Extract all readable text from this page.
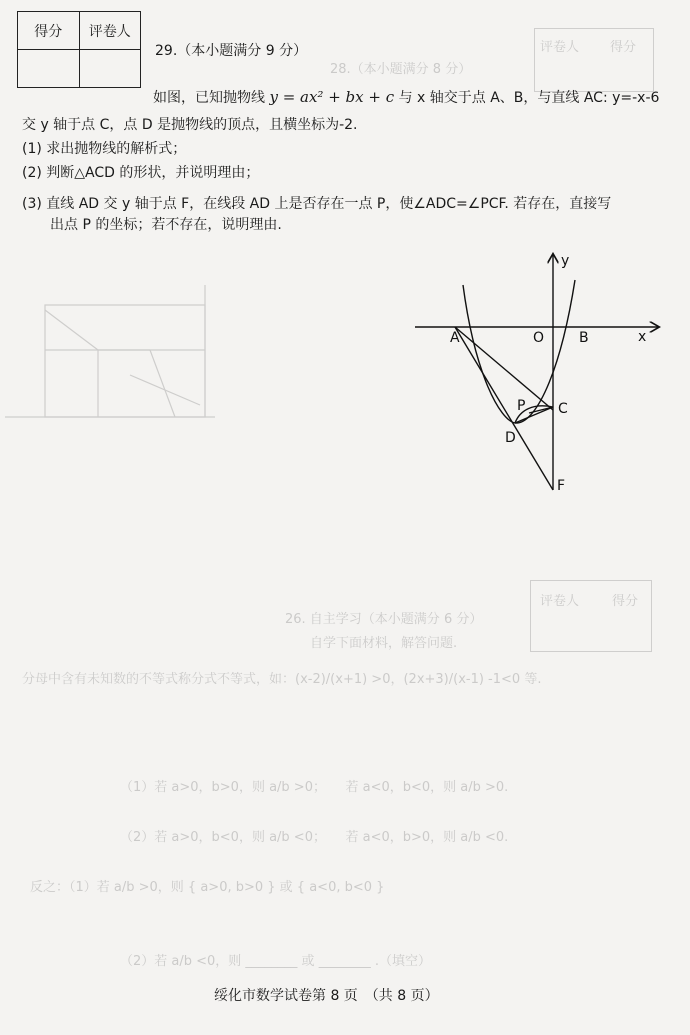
得分
评卷人
28.（本小题满分 8 分）
得分
评卷人
26. 自主学习（本小题满分 6 分）
自学下面材料，解答问题.
分母中含有未知数的不等式称分式不等式，如：(x-2)/(x+1) >0，(2x+3)/(x-1) -1<0 等.
（1）若 a>0，b>0，则 a/b >0；　　若 a<0，b<0，则 a/b >0.
（2）若 a>0，b<0，则 a/b <0；　　若 a<0，b>0，则 a/b <0.
反之：（1）若 a/b >0，则 { a>0, b>0 } 或 { a<0, b<0 }
（2）若 a/b <0，则 ________ 或 ________ .（填空）
得分	评卷人
29.（本小题满分 9 分）
如图，已知抛物线 y = ax² + bx + c 与 x 轴交于点 A、B，与直线 AC: y=-x-6
交 y 轴于点 C，点 D 是抛物线的顶点，且横坐标为-2.
(1) 求出抛物线的解析式；
(2) 判断△ACD 的形状，并说明理由；
(3) 直线 AD 交 y 轴于点 F，在线段 AD 上是否存在一点 P，使∠ADC=∠PCF. 若存在，直接写
出点 P 的坐标；若不存在，说明理由.
x
y
A	O B
C
P
D
F
绥化市数学试卷第 8 页　（共 8 页）
